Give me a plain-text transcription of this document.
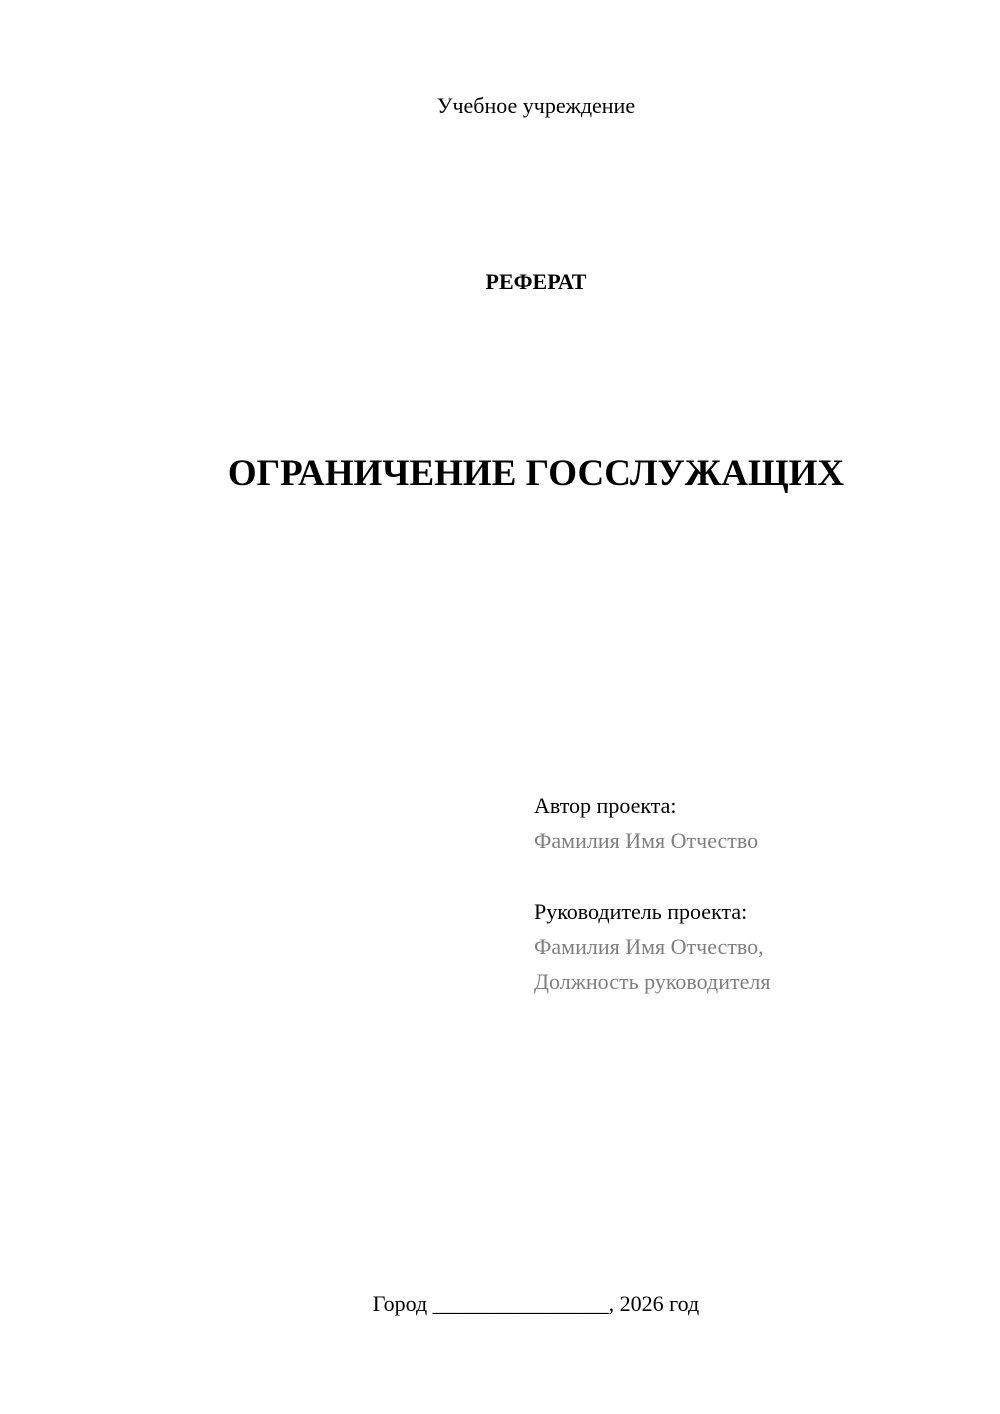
Учебное учреждение
РЕФЕРАТ
ОГРАНИЧЕНИЕ ГОССЛУЖАЩИХ

Автор проекта:

Фамилия Имя Отчество

Руководитель проекта:

Фамилия Имя Отчество,

Должность руководителя

Город ________________, 2026 год
